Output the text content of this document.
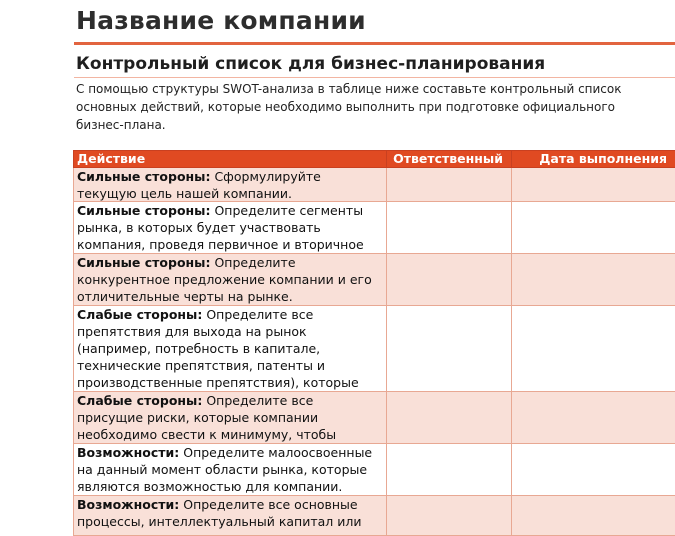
Название компании
Контрольный список для бизнес-планирования
С помощью структуры SWOT-анализа в таблице ниже составьте контрольный список основных действий, которые необходимо выполнить при подготовке официального бизнес-плана.
Действие	Ответственный	Дата выполнения

Сильные стороны: Сформулируйте текущую цель нашей компании.		

Сильные стороны: Определите сегменты рынка, в которых будет участвовать компания, проведя первичное и вторичное		

Сильные стороны: Определите конкурентное предложение компании и его отличительные черты на рынке.		

Слабые стороны: Определите все препятствия для выхода на рынок (например, потребность в капитале, технические препятствия, патенты и производственные препятствия), которые		

Слабые стороны: Определите все присущие риски, которые компании необходимо свести к минимуму, чтобы		

Возможности: Определите малоосвоенные на данный момент области рынка, которые являются возможностью для компании.		

Возможности: Определите все основные процессы, интеллектуальный капитал или		
